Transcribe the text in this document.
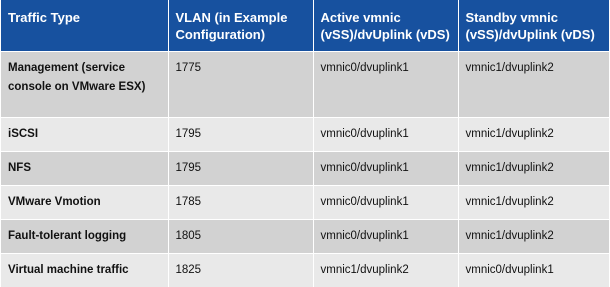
Traffic Type	VLAN (in Example Configuration)	Active vmnic (vSS)/dvUplink (vDS)	Standby vmnic (vSS)/dvUplink (vDS)
Management (service console on VMware ESX)	1775	vmnic0/dvuplink1	vmnic1/dvuplink2
iSCSI	1795	vmnic0/dvuplink1	vmnic1/dvuplink2
NFS	1795	vmnic0/dvuplink1	vmnic1/dvuplink2
VMware Vmotion	1785	vmnic0/dvuplink1	vmnic1/dvuplink2
Fault-tolerant logging	1805	vmnic0/dvuplink1	vmnic1/dvuplink2
Virtual machine traffic	1825	vmnic1/dvuplink2	vmnic0/dvuplink1
